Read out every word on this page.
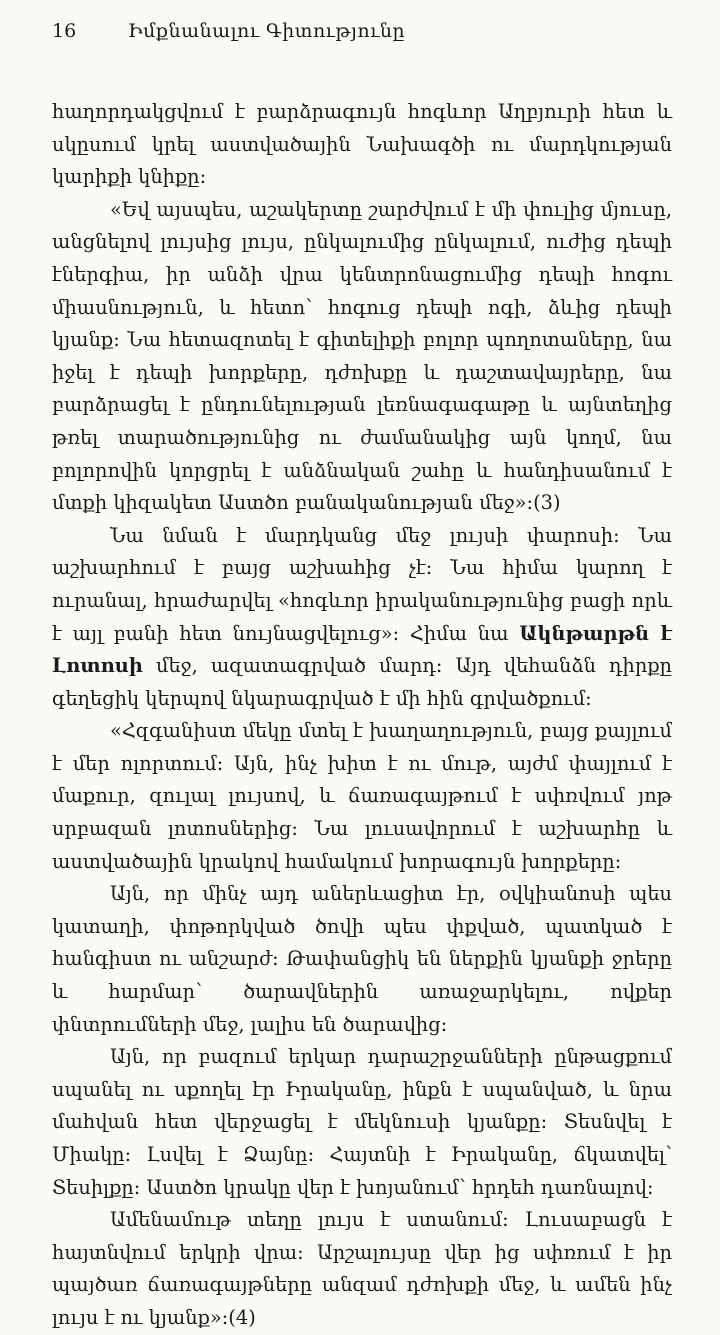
16	Իմքնանալու Գիտությունը

հաղորդակցվում է բարձրագույն հոգևոր Աղբյուրի հետ և սկըսում կրել աստվածային Նախագծի ու մարդկության կարիքի կնիքը:

«Եվ այսպես, աշակերտը շարժվում է մի փուլից մյուսը, անցնելով լույսից լույս, ընկալումից ընկալում, ուժից դեպի էներգիա, իր անձի վրա կենտրոնացումից դեպի հոգու միասնություն, և հետո՝ հոգուց դեպի ոգի, ձևից դեպի կյանք: Նա հետազոտել է գիտելիքի բոլոր պողոտաները, նա իջել է դեպի խորքերը, դժոխքը և դաշտավայրերը, նա բարձրացել է ընդունելության լեռնագագաթը և այնտեղից թռել տարածությունից ու ժամանակից այն կողմ, նա բոլորովին կորցրել է անձնական շահը և հանդիսանում է մտքի կիզակետ Աստծո բանականության մեջ»:(3)

Նա նման է մարդկանց մեջ լույսի փարոսի: Նա աշխարհում է բայց աշխահից չէ: Նա հիմա կարող է ուրանալ, հրաժարվել «հոգևոր իրականությունից բացի որև է այլ բանի հետ նույնացվելուց»: Հիմա նա Ակնթարթն է Լոտոսի մեջ, ազատագրված մարդ: Այդ վեհանձն դիրքը գեղեցիկ կերպով նկարագրված է մի հին գրվածքում:

«Հզգանիստ մեկը մտել է խաղաղություն, բայց քայլում է մեր ոլորտում: Այն, ինչ խիտ է ու մութ, այժմ փայլում է մաքուր, զուլալ լույսով, և ճառագայթում է սփռվում յոթ սրբազան լոտոսներից: Նա լուսավորում է աշխարհը և աստվածային կրակով համակում խորագույն խորքերը:

Այն, որ մինչ այդ աներևացիտ էր, օվկիանոսի պես կատաղի, փոթորկված ծովի պես փքված, պատկած է հանգիստ ու անշարժ: Թափանցիկ են ներքին կյանքի ջրերը և հարմար՝ ծարավներին առաջարկելու, ովքեր փնտրումների մեջ, լալիս են ծարավից:

Այն, որ բազում երկար դարաշրջանների ընթացքում սպանել ու սքողել էր Իրականը, ինքն է սպանված, և նրա մահվան հետ վերջացել է մեկնուսի կյանքը: Տեսնվել է Միակը: Լսվել է Ձայնը: Հայտնի է Իրականը, ճկատվել՝ Տեսիլքը: Աստծո կրակը վեր է խոյանում՝ հրդեհ դառնալով:

Ամենամութ տեղը լույս է ստանում: Լուսաբացն է հայտնվում երկրի վրա: Արշալույսը վեր ից սփռում է իր պայծառ ճառագայթները անզամ դժոխքի մեջ, և ամեն ինչ լույս է ու կյանք»:(4)
